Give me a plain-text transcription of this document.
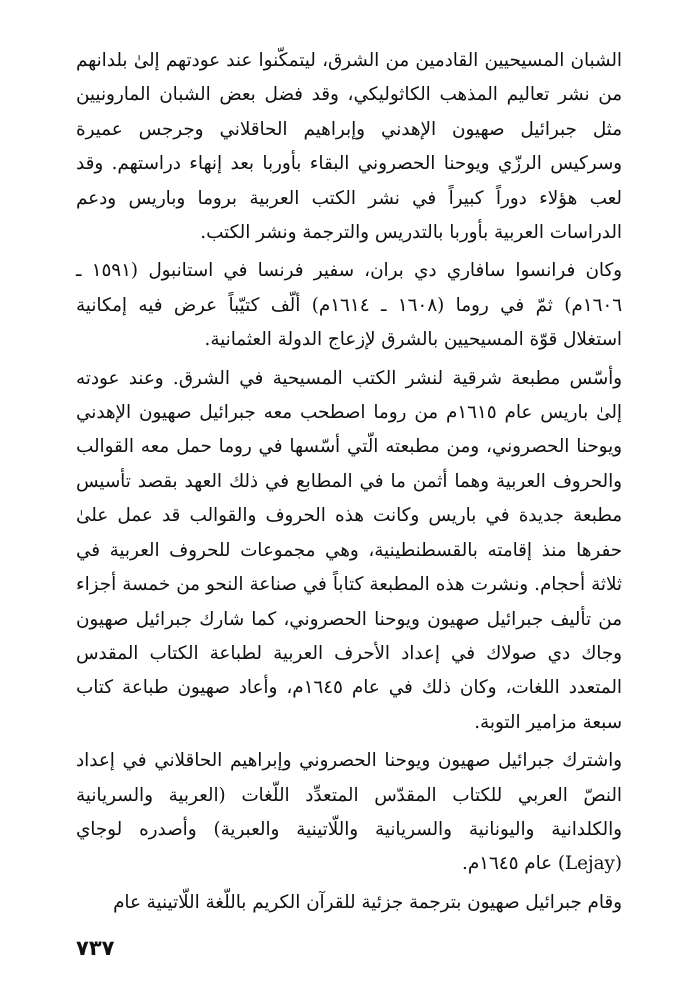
الشبان المسيحيين القادمين من الشرق، ليتمكّنوا عند عودتهم إلىٰ بلدانهم من نشر تعاليم المذهب الكاثوليكي، وقد فضل بعض الشبان المارونيين مثل جبرائيل صهيون الإهدني وإبراهيم الحاقلاني وجرجس عميرة وسركيس الرزّي ويوحنا الحصروني البقاء بأوربا بعد إنهاء دراستهم. وقد لعب هؤلاء دوراً كبيراً في نشر الكتب العربية بروما وباريس ودعم الدراسات العربية بأوربا بالتدريس والترجمة ونشر الكتب.

وكان فرانسوا سافاري دي بران، سفير فرنسا في استانبول (١٥٩١ ـ ١٦٠٦م) ثمّ في روما (١٦٠٨ ـ ١٦١٤م) ألّف كتيّباً عرض فيه إمكانية استغلال قوّة المسيحيين بالشرق لإزعاج الدولة العثمانية.

وأسّس مطبعة شرقية لنشر الكتب المسيحية في الشرق. وعند عودته إلىٰ باريس عام ١٦١٥م من روما اصطحب معه جبرائيل صهيون الإهدني ويوحنا الحصروني، ومن مطبعته الّتي أسّسها في روما حمل معه القوالب والحروف العربية وهما أثمن ما في المطابع في ذلك العهد بقصد تأسيس مطبعة جديدة في باريس وكانت هذه الحروف والقوالب قد عمل علىٰ حفرها منذ إقامته بالقسطنطينية، وهي مجموعات للحروف العربية في ثلاثة أحجام. ونشرت هذه المطبعة كتاباً في صناعة النحو من خمسة أجزاء من تأليف جبرائيل صهيون ويوحنا الحصروني، كما شارك جبرائيل صهيون وجاك دي صولاك في إعداد الأحرف العربية لطباعة الكتاب المقدس المتعدد اللغات، وكان ذلك في عام ١٦٤٥م، وأعاد صهيون طباعة كتاب سبعة مزامير التوبة.

واشترك جبرائيل صهيون ويوحنا الحصروني وإبراهيم الحاقلاني في إعداد النصّ العربي للكتاب المقدّس المتعدِّد اللّغات (العربية والسريانية والكلدانية واليونانية والسريانية واللّاتينية والعبرية) وأصدره لوجاي (Lejay) عام ١٦٤٥م.

وقام جبرائيل صهيون بترجمة جزئية للقرآن الكريم باللّغة اللّاتينية عام

٧٣٧
